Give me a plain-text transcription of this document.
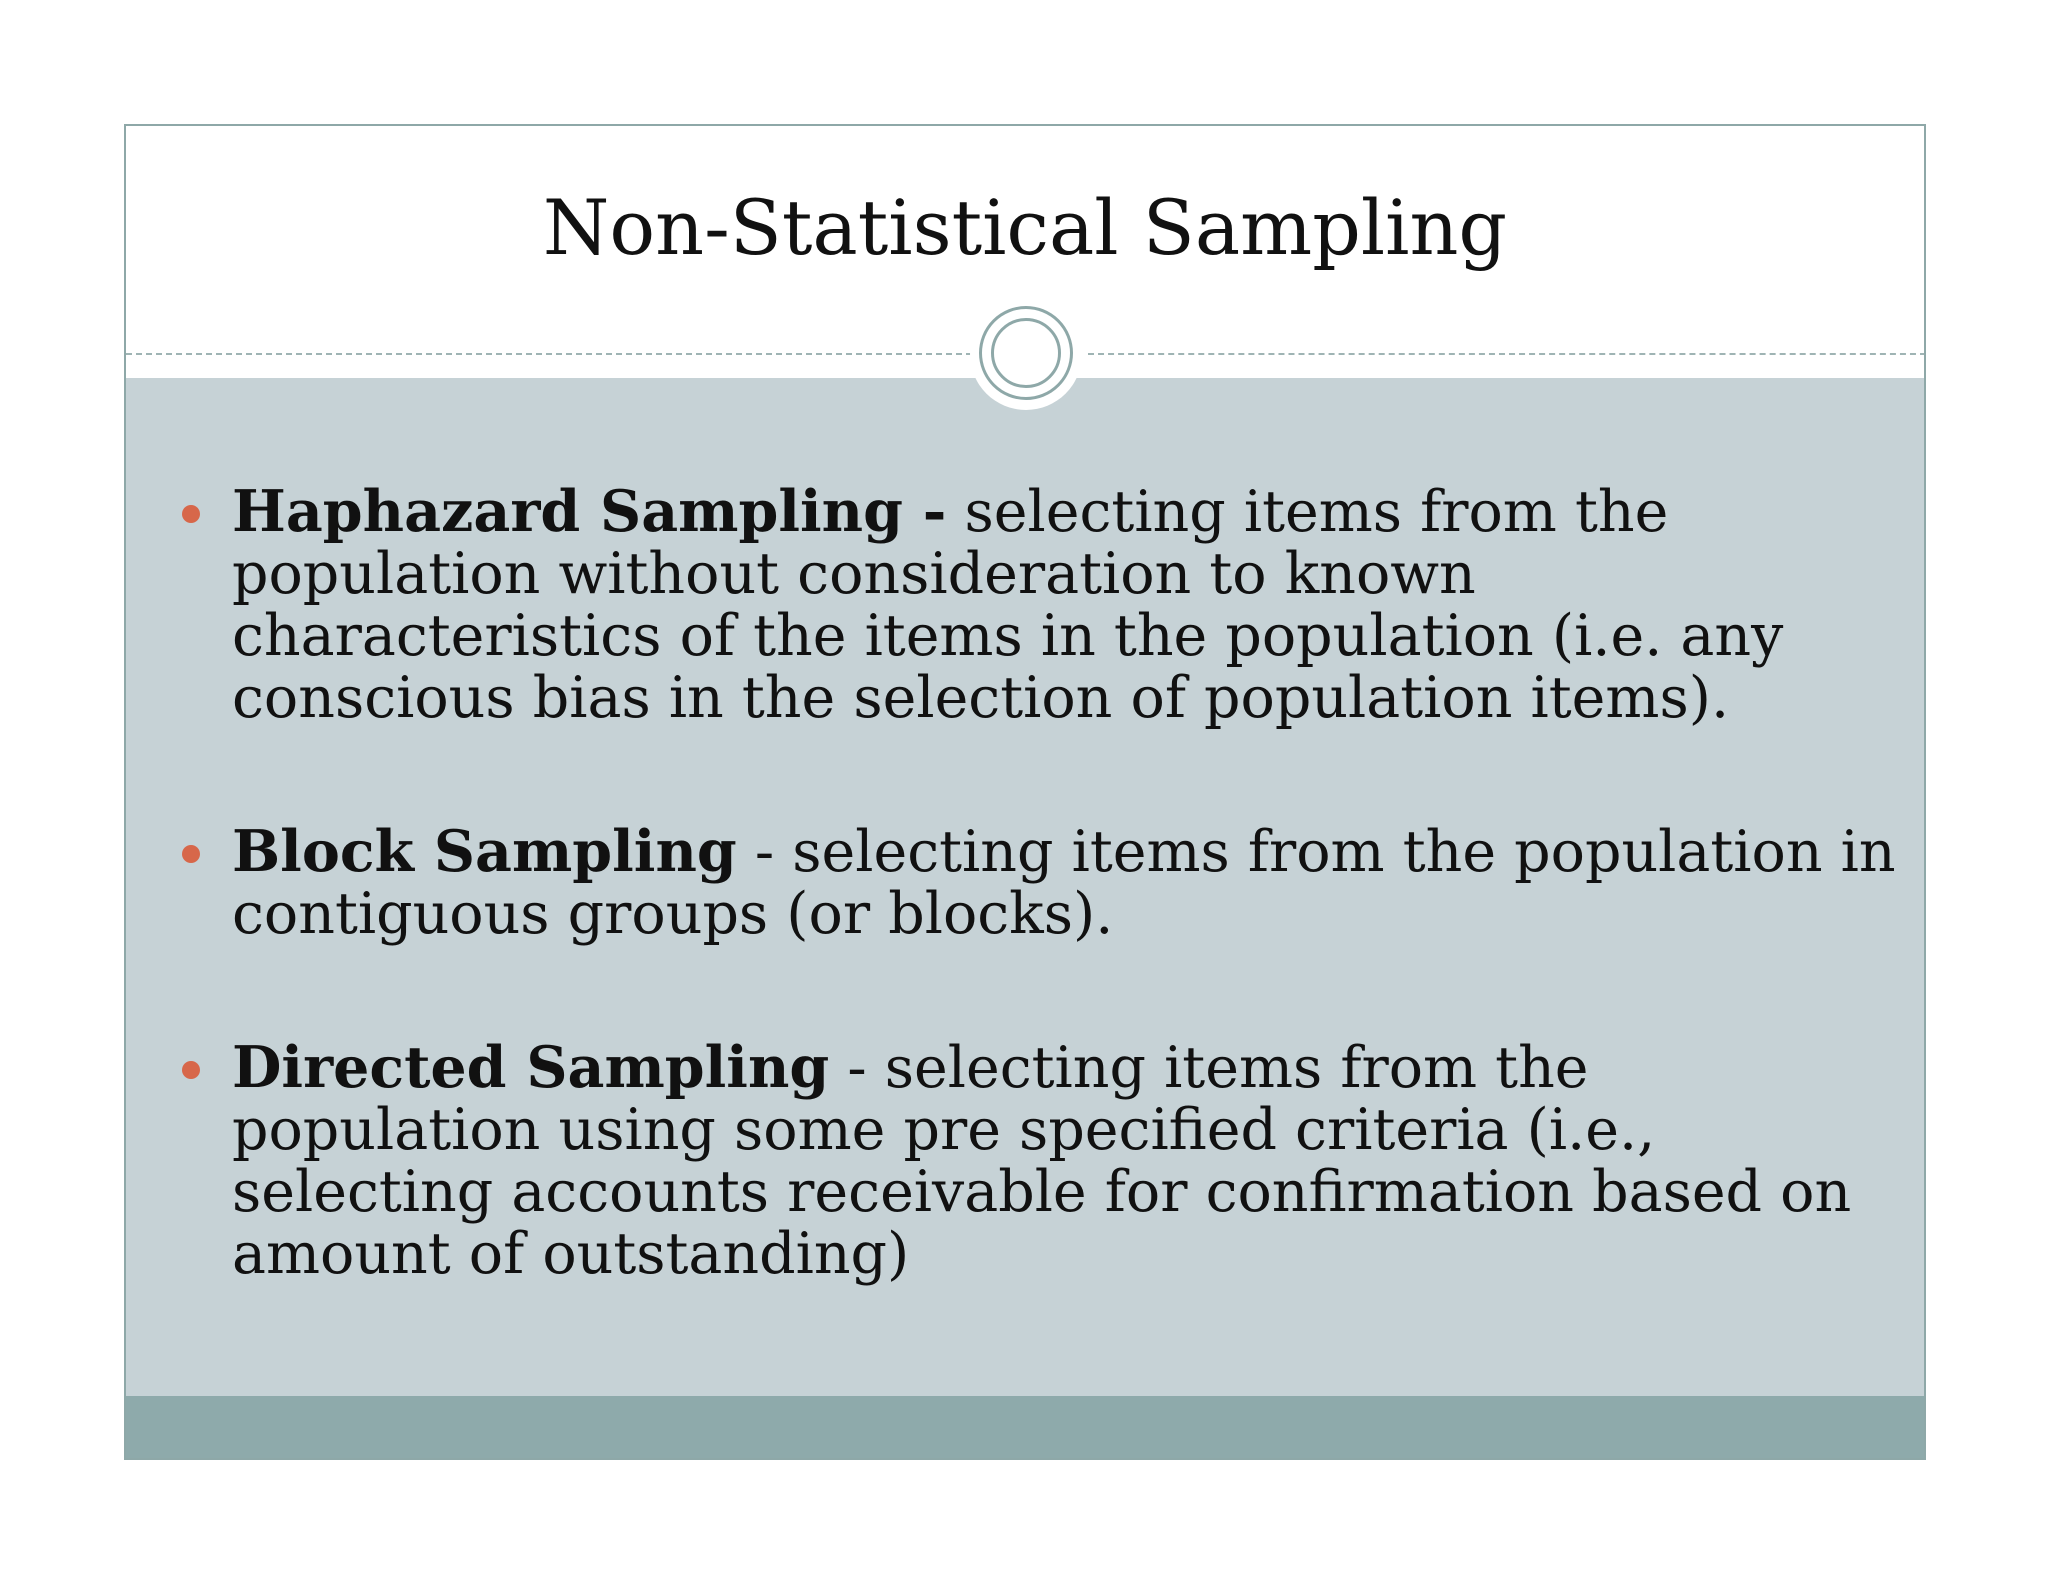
Non-Statistical Sampling
Haphazard Sampling - selecting items from the population without consideration to known characteristics of the items in the population (i.e. any conscious bias in the selection of population items).
Block Sampling - selecting items from the population in contiguous groups (or blocks).
Directed Sampling - selecting items from the population using some pre specified criteria (i.e., selecting accounts receivable for confirmation based on amount of outstanding)
